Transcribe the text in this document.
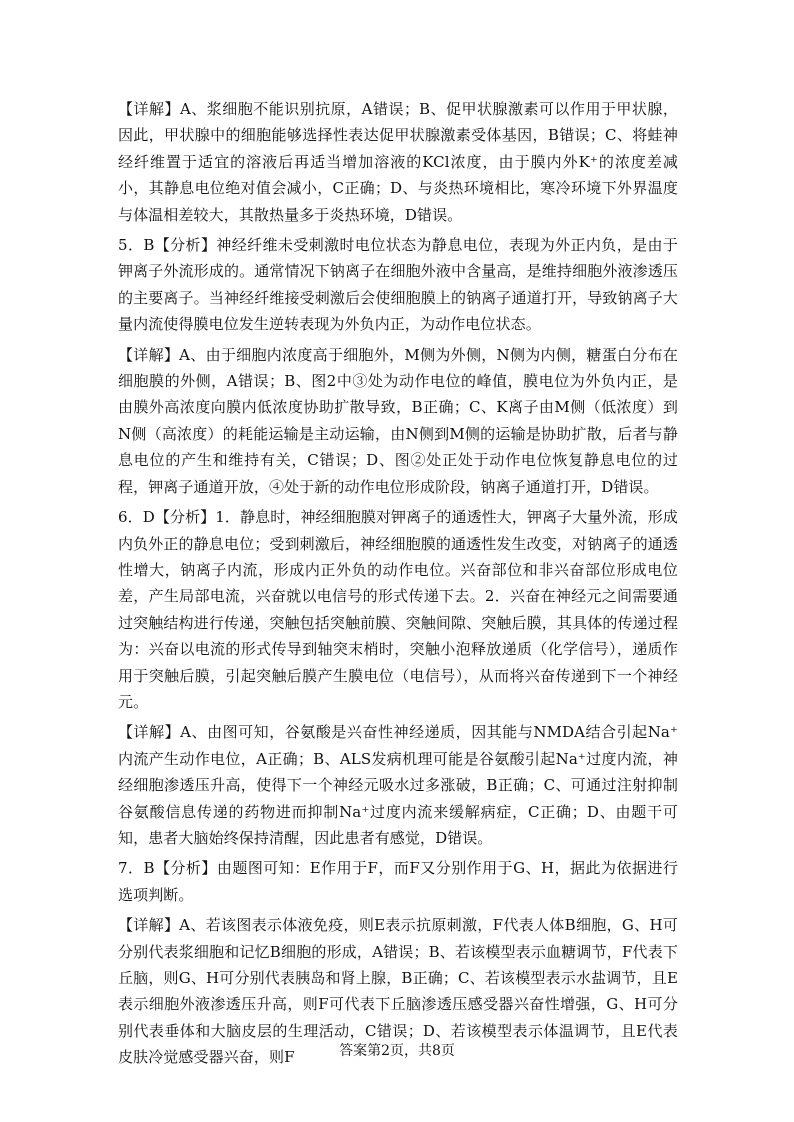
【详解】A、浆细胞不能识别抗原，A错误；B、促甲状腺激素可以作用于甲状腺，因此，甲状腺中的细胞能够选择性表达促甲状腺激素受体基因，B错误；C、将蛙神经纤维置于适宜的溶液后再适当增加溶液的KCl浓度，由于膜内外K⁺的浓度差减小，其静息电位绝对值会减小，C正确；D、与炎热环境相比，寒冷环境下外界温度与体温相差较大，其散热量多于炎热环境，D错误。

5．B【分析】神经纤维未受刺激时电位状态为静息电位，表现为外正内负，是由于钾离子外流形成的。通常情况下钠离子在细胞外液中含量高，是维持细胞外液渗透压的主要离子。当神经纤维接受刺激后会使细胞膜上的钠离子通道打开，导致钠离子大量内流使得膜电位发生逆转表现为外负内正，为动作电位状态。

【详解】A、由于细胞内浓度高于细胞外，M侧为外侧，N侧为内侧，糖蛋白分布在细胞膜的外侧，A错误；B、图2中③处为动作电位的峰值，膜电位为外负内正，是由膜外高浓度向膜内低浓度协助扩散导致，B正确；C、K离子由M侧（低浓度）到N侧（高浓度）的耗能运输是主动运输，由N侧到M侧的运输是协助扩散，后者与静息电位的产生和维持有关，C错误；D、图②处正处于动作电位恢复静息电位的过程，钾离子通道开放，④处于新的动作电位形成阶段，钠离子通道打开，D错误。

6．D【分析】1．静息时，神经细胞膜对钾离子的通透性大，钾离子大量外流，形成内负外正的静息电位；受到刺激后，神经细胞膜的通透性发生改变，对钠离子的通透性增大，钠离子内流，形成内正外负的动作电位。兴奋部位和非兴奋部位形成电位差，产生局部电流，兴奋就以电信号的形式传递下去。2．兴奋在神经元之间需要通过突触结构进行传递，突触包括突触前膜、突触间隙、突触后膜，其具体的传递过程为：兴奋以电流的形式传导到轴突末梢时，突触小泡释放递质（化学信号），递质作用于突触后膜，引起突触后膜产生膜电位（电信号），从而将兴奋传递到下一个神经元。

【详解】A、由图可知，谷氨酸是兴奋性神经递质，因其能与NMDA结合引起Na⁺内流产生动作电位，A正确；B、ALS发病机理可能是谷氨酸引起Na⁺过度内流，神经细胞渗透压升高，使得下一个神经元吸水过多涨破，B正确；C、可通过注射抑制谷氨酸信息传递的药物进而抑制Na⁺过度内流来缓解病症，C正确；D、由题干可知，患者大脑始终保持清醒，因此患者有感觉，D错误。

7．B【分析】由题图可知：E作用于F，而F又分别作用于G、H，据此为依据进行选项判断。

【详解】A、若该图表示体液免疫，则E表示抗原刺激，F代表人体B细胞，G、H可分别代表浆细胞和记忆B细胞的形成，A错误；B、若该模型表示血糖调节，F代表下丘脑，则G、H可分别代表胰岛和肾上腺，B正确；C、若该模型表示水盐调节，且E表示细胞外液渗透压升高，则F可代表下丘脑渗透压感受器兴奋性增强，G、H可分别代表垂体和大脑皮层的生理活动，C错误；D、若该模型表示体温调节，且E代表皮肤冷觉感受器兴奋，则F	答案第2页，共8页
